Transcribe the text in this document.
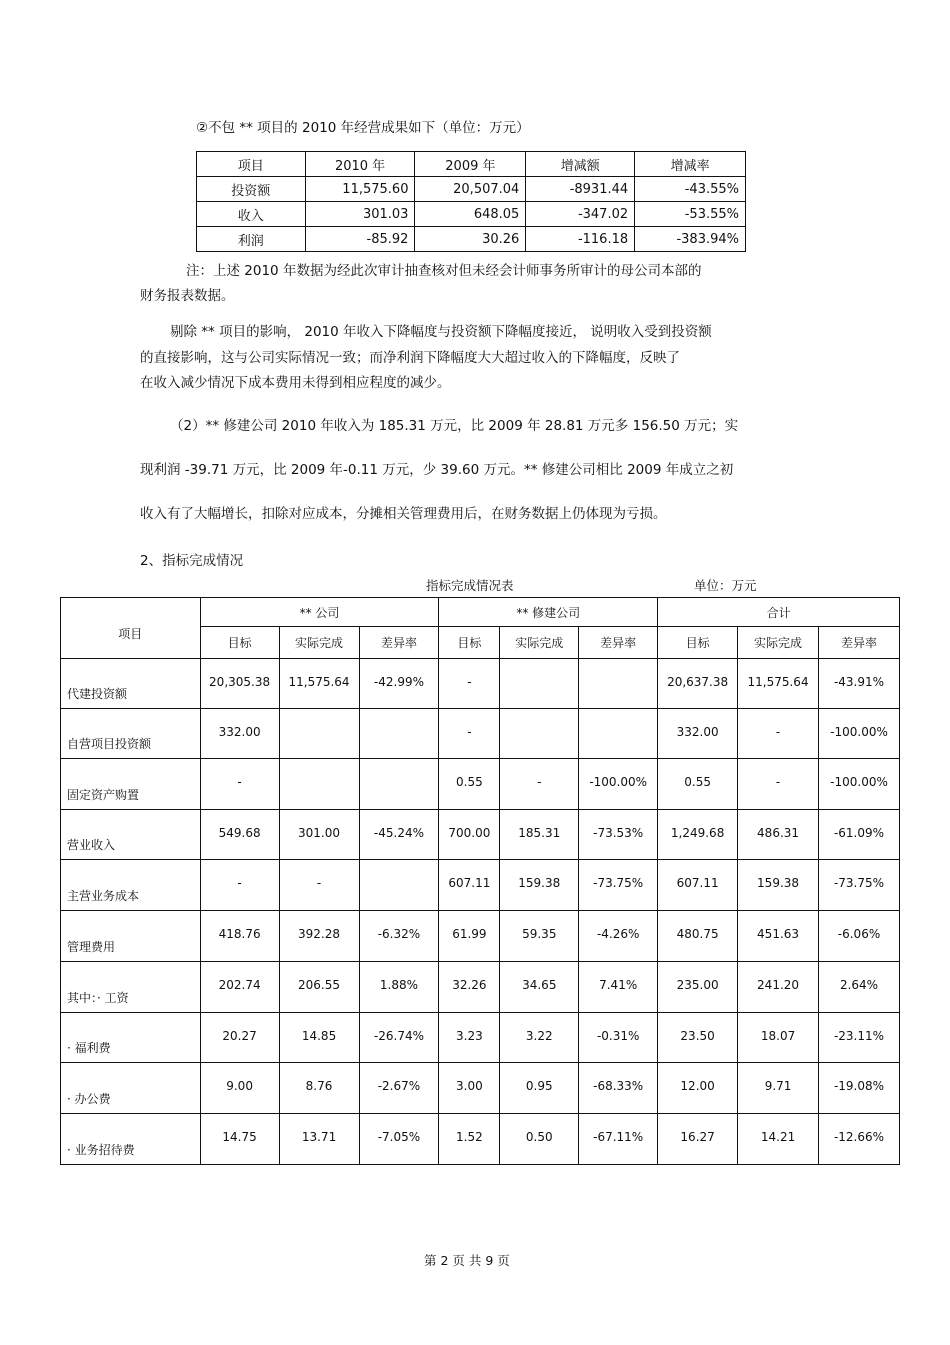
②不包 ** 项目的 2010 年经营成果如下（单位：万元）
项目	2010 年	2009 年	增减额	增减率
投资额	11,575.60	20,507.04	-8931.44	-43.55%
收入	301.03	648.05	-347.02	-53.55%
利润	-85.92	30.26	-116.18	-383.94%
注：上述 2010 年数据为经此次审计抽查核对但未经会计师事务所审计的母公司本部的
财务报表数据。
剔除 ** 项目的影响， 2010 年收入下降幅度与投资额下降幅度接近， 说明收入受到投资额
的直接影响，这与公司实际情况一致；而净利润下降幅度大大超过收入的下降幅度，反映了
在收入减少情况下成本费用未得到相应程度的减少。
（2）** 修建公司 2010 年收入为 185.31 万元，比 2009 年 28.81 万元多 156.50 万元；实
现利润 -39.71 万元，比 2009 年-0.11 万元，少 39.60 万元。** 修建公司相比 2009 年成立之初
收入有了大幅增长，扣除对应成本，分摊相关管理费用后，在财务数据上仍体现为亏损。
2、指标完成情况
指标完成情况表	单位：万元
项目	** 公司			** 修建公司			合计		
	目标	实际完成	差异率	目标	实际完成	差异率	目标	实际完成	差异率
代建投资额	20,305.38	11,575.64	-42.99%	-			20,637.38	11,575.64	-43.91%
自营项目投资额	332.00			-			332.00	-	-100.00%
固定资产购置	-			0.55	-	-100.00%	0.55	-	-100.00%
营业收入	549.68	301.00	-45.24%	700.00	185.31	-73.53%	1,249.68	486.31	-61.09%
主营业务成本	-	-		607.11	159.38	-73.75%	607.11	159.38	-73.75%
管理费用	418.76	392.28	-6.32%	61.99	59.35	-4.26%	480.75	451.63	-6.06%
其中：· 工资	202.74	206.55	1.88%	32.26	34.65	7.41%	235.00	241.20	2.64%
· 福利费	20.27	14.85	-26.74%	3.23	3.22	-0.31%	23.50	18.07	-23.11%
· 办公费	9.00	8.76	-2.67%	3.00	0.95	-68.33%	12.00	9.71	-19.08%
· 业务招待费	14.75	13.71	-7.05%	1.52	0.50	-67.11%	16.27	14.21	-12.66%
第 2 页 共 9 页
